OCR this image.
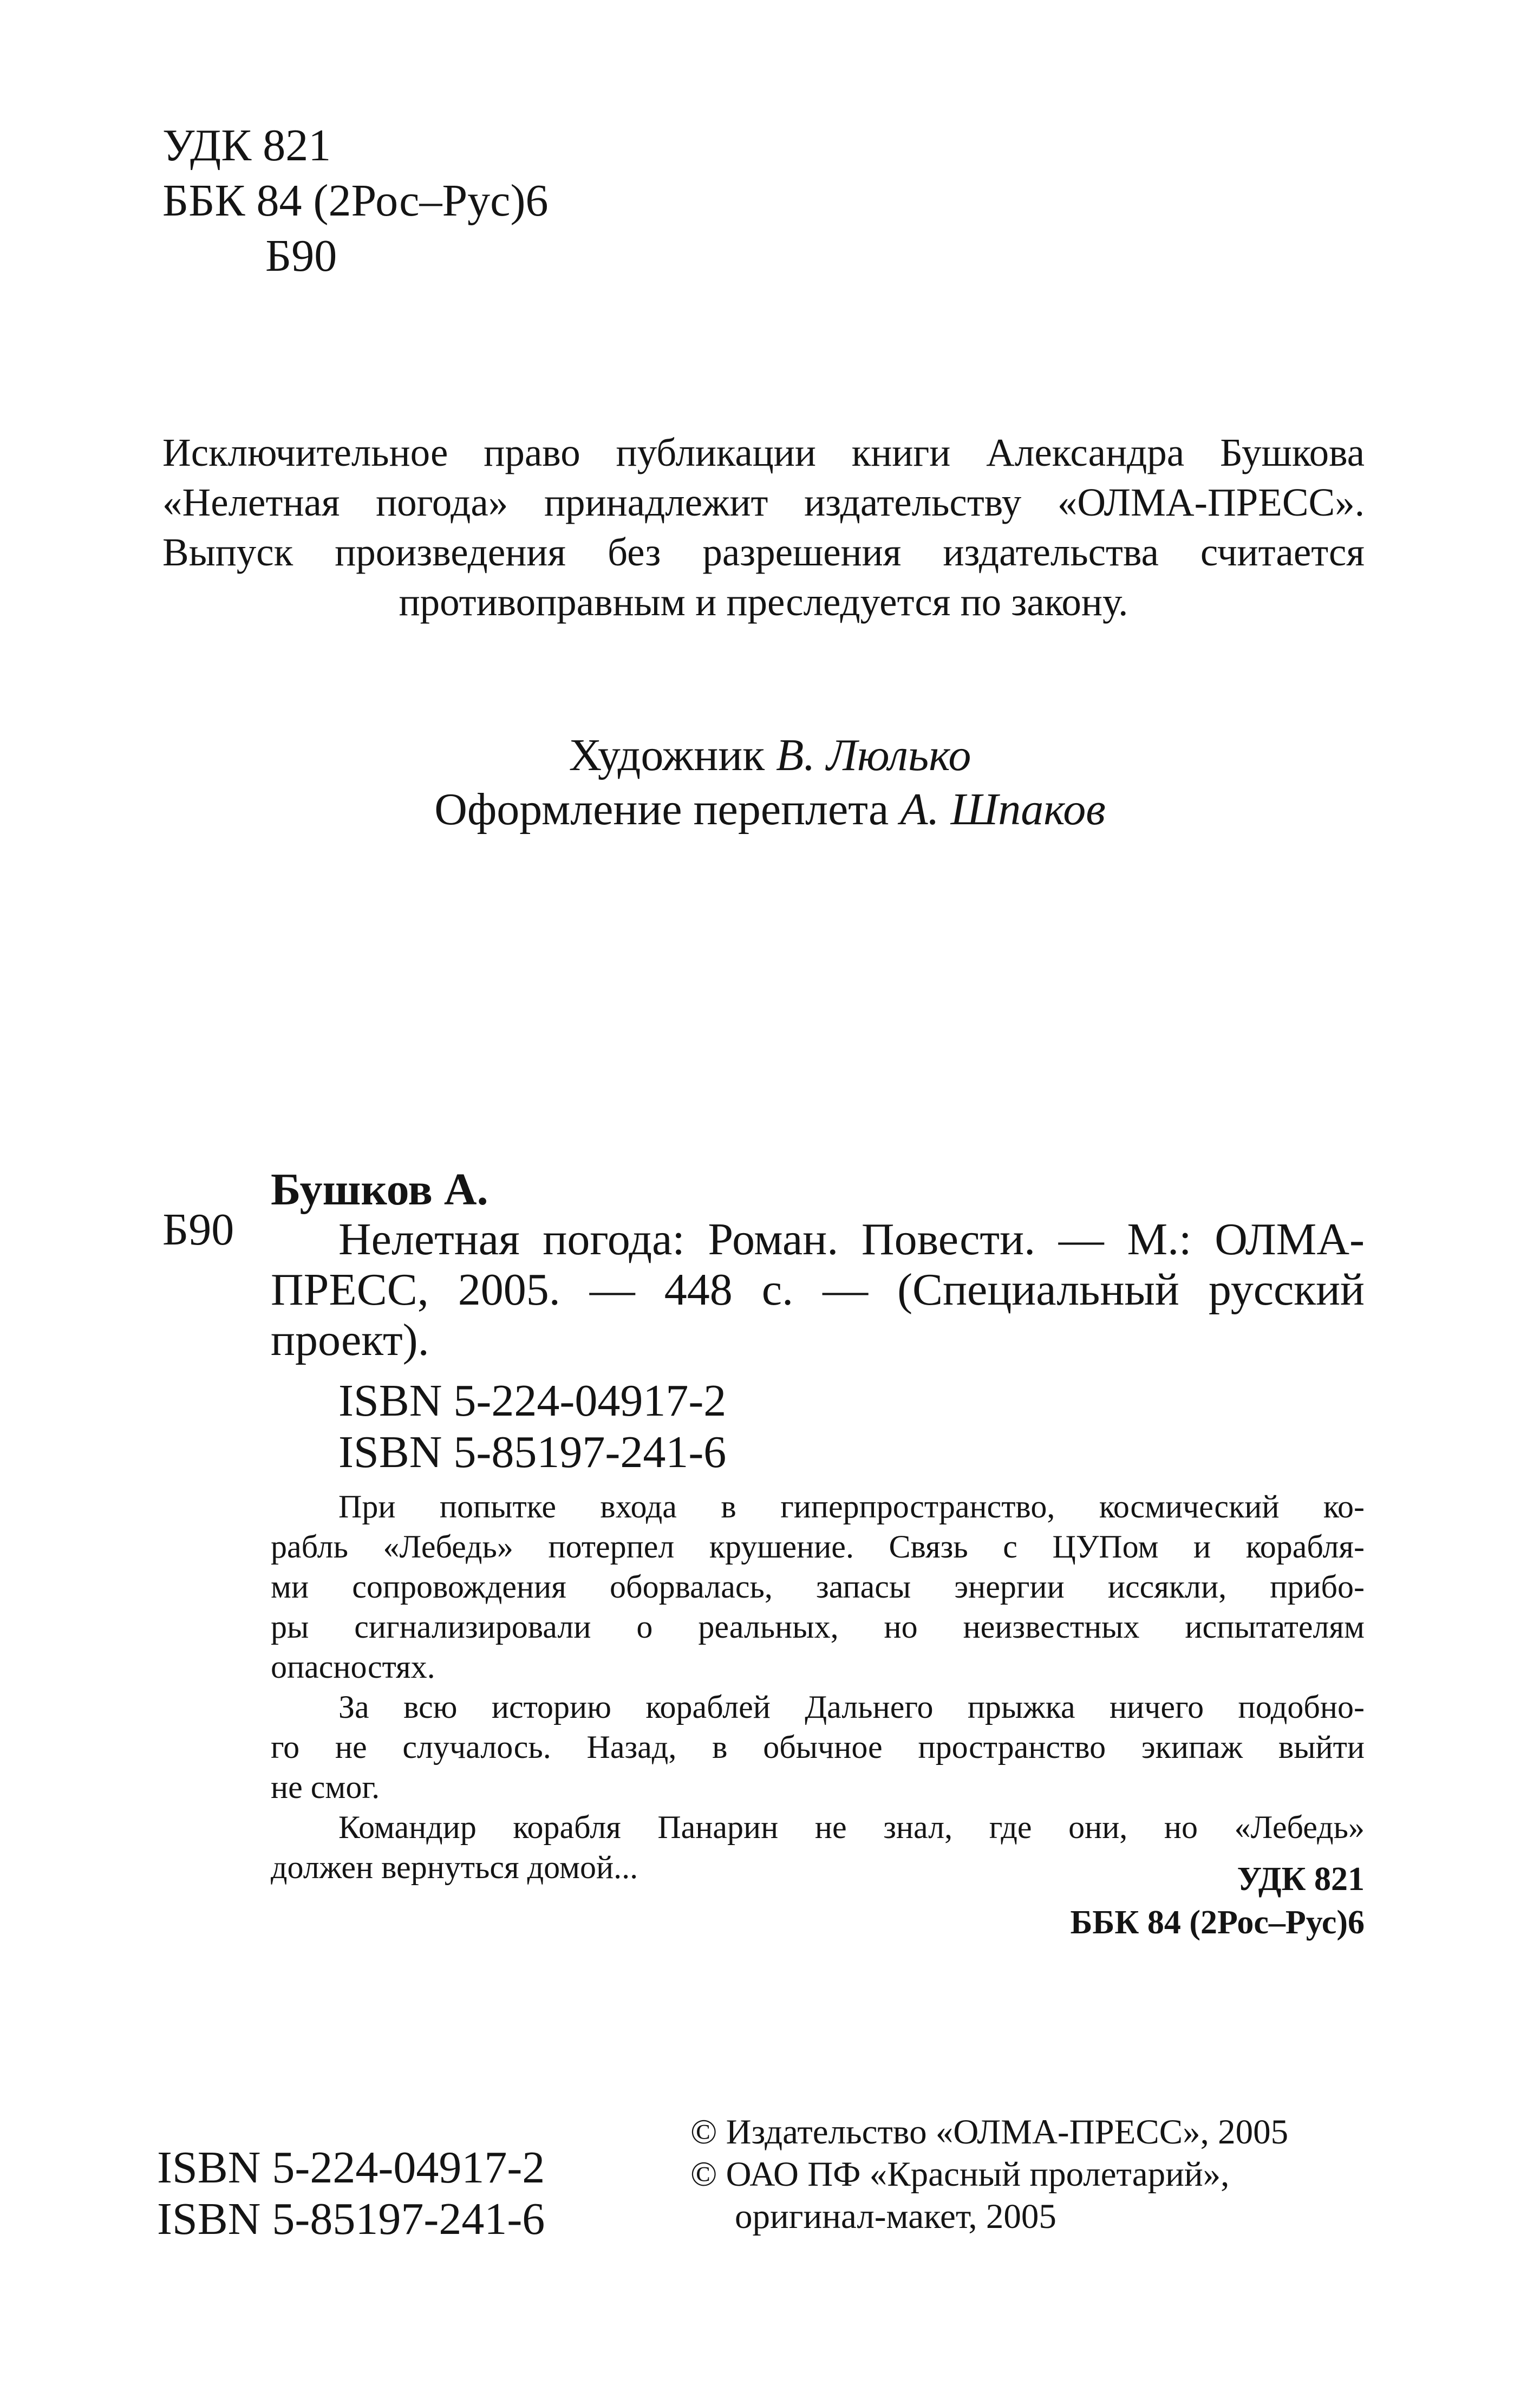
УДК 821
ББК 84 (2Рос–Рус)6
Б90
Исключительное право публикации книги Александра Бушкова
«Нелетная погода» принадлежит издательству «ОЛМА-ПРЕСС».
Выпуск произведения без разрешения издательства считается
противоправным и преследуется по закону.
Художник В. Люлько
Оформление переплета А. Шпаков
Б90
Бушков А.
Нелетная погода: Роман. Повести. — М.: ОЛМА-
ПРЕСС, 2005. — 448 с. — (Специальный русский
проект).
ISBN 5-224-04917-2
ISBN 5-85197-241-6
При попытке входа в гиперпространство, космический ко-
рабль «Лебедь» потерпел крушение. Связь с ЦУПом и корабля-
ми сопровождения оборвалась, запасы энергии иссякли, прибо-
ры сигнализировали о реальных, но неизвестных испытателям
опасностях.
За всю историю кораблей Дальнего прыжка ничего подобно-
го не случалось. Назад, в обычное пространство экипаж выйти
не смог.
Командир корабля Панарин не знал, где они, но «Лебедь»
должен вернуться домой...	УДК 821
ББК 84 (2Рос–Рус)6
ISBN 5-224-04917-2
ISBN 5-85197-241-6
© Издательство «ОЛМА-ПРЕСС», 2005
© ОАО ПФ «Красный пролетарий»,
оригинал-макет, 2005
